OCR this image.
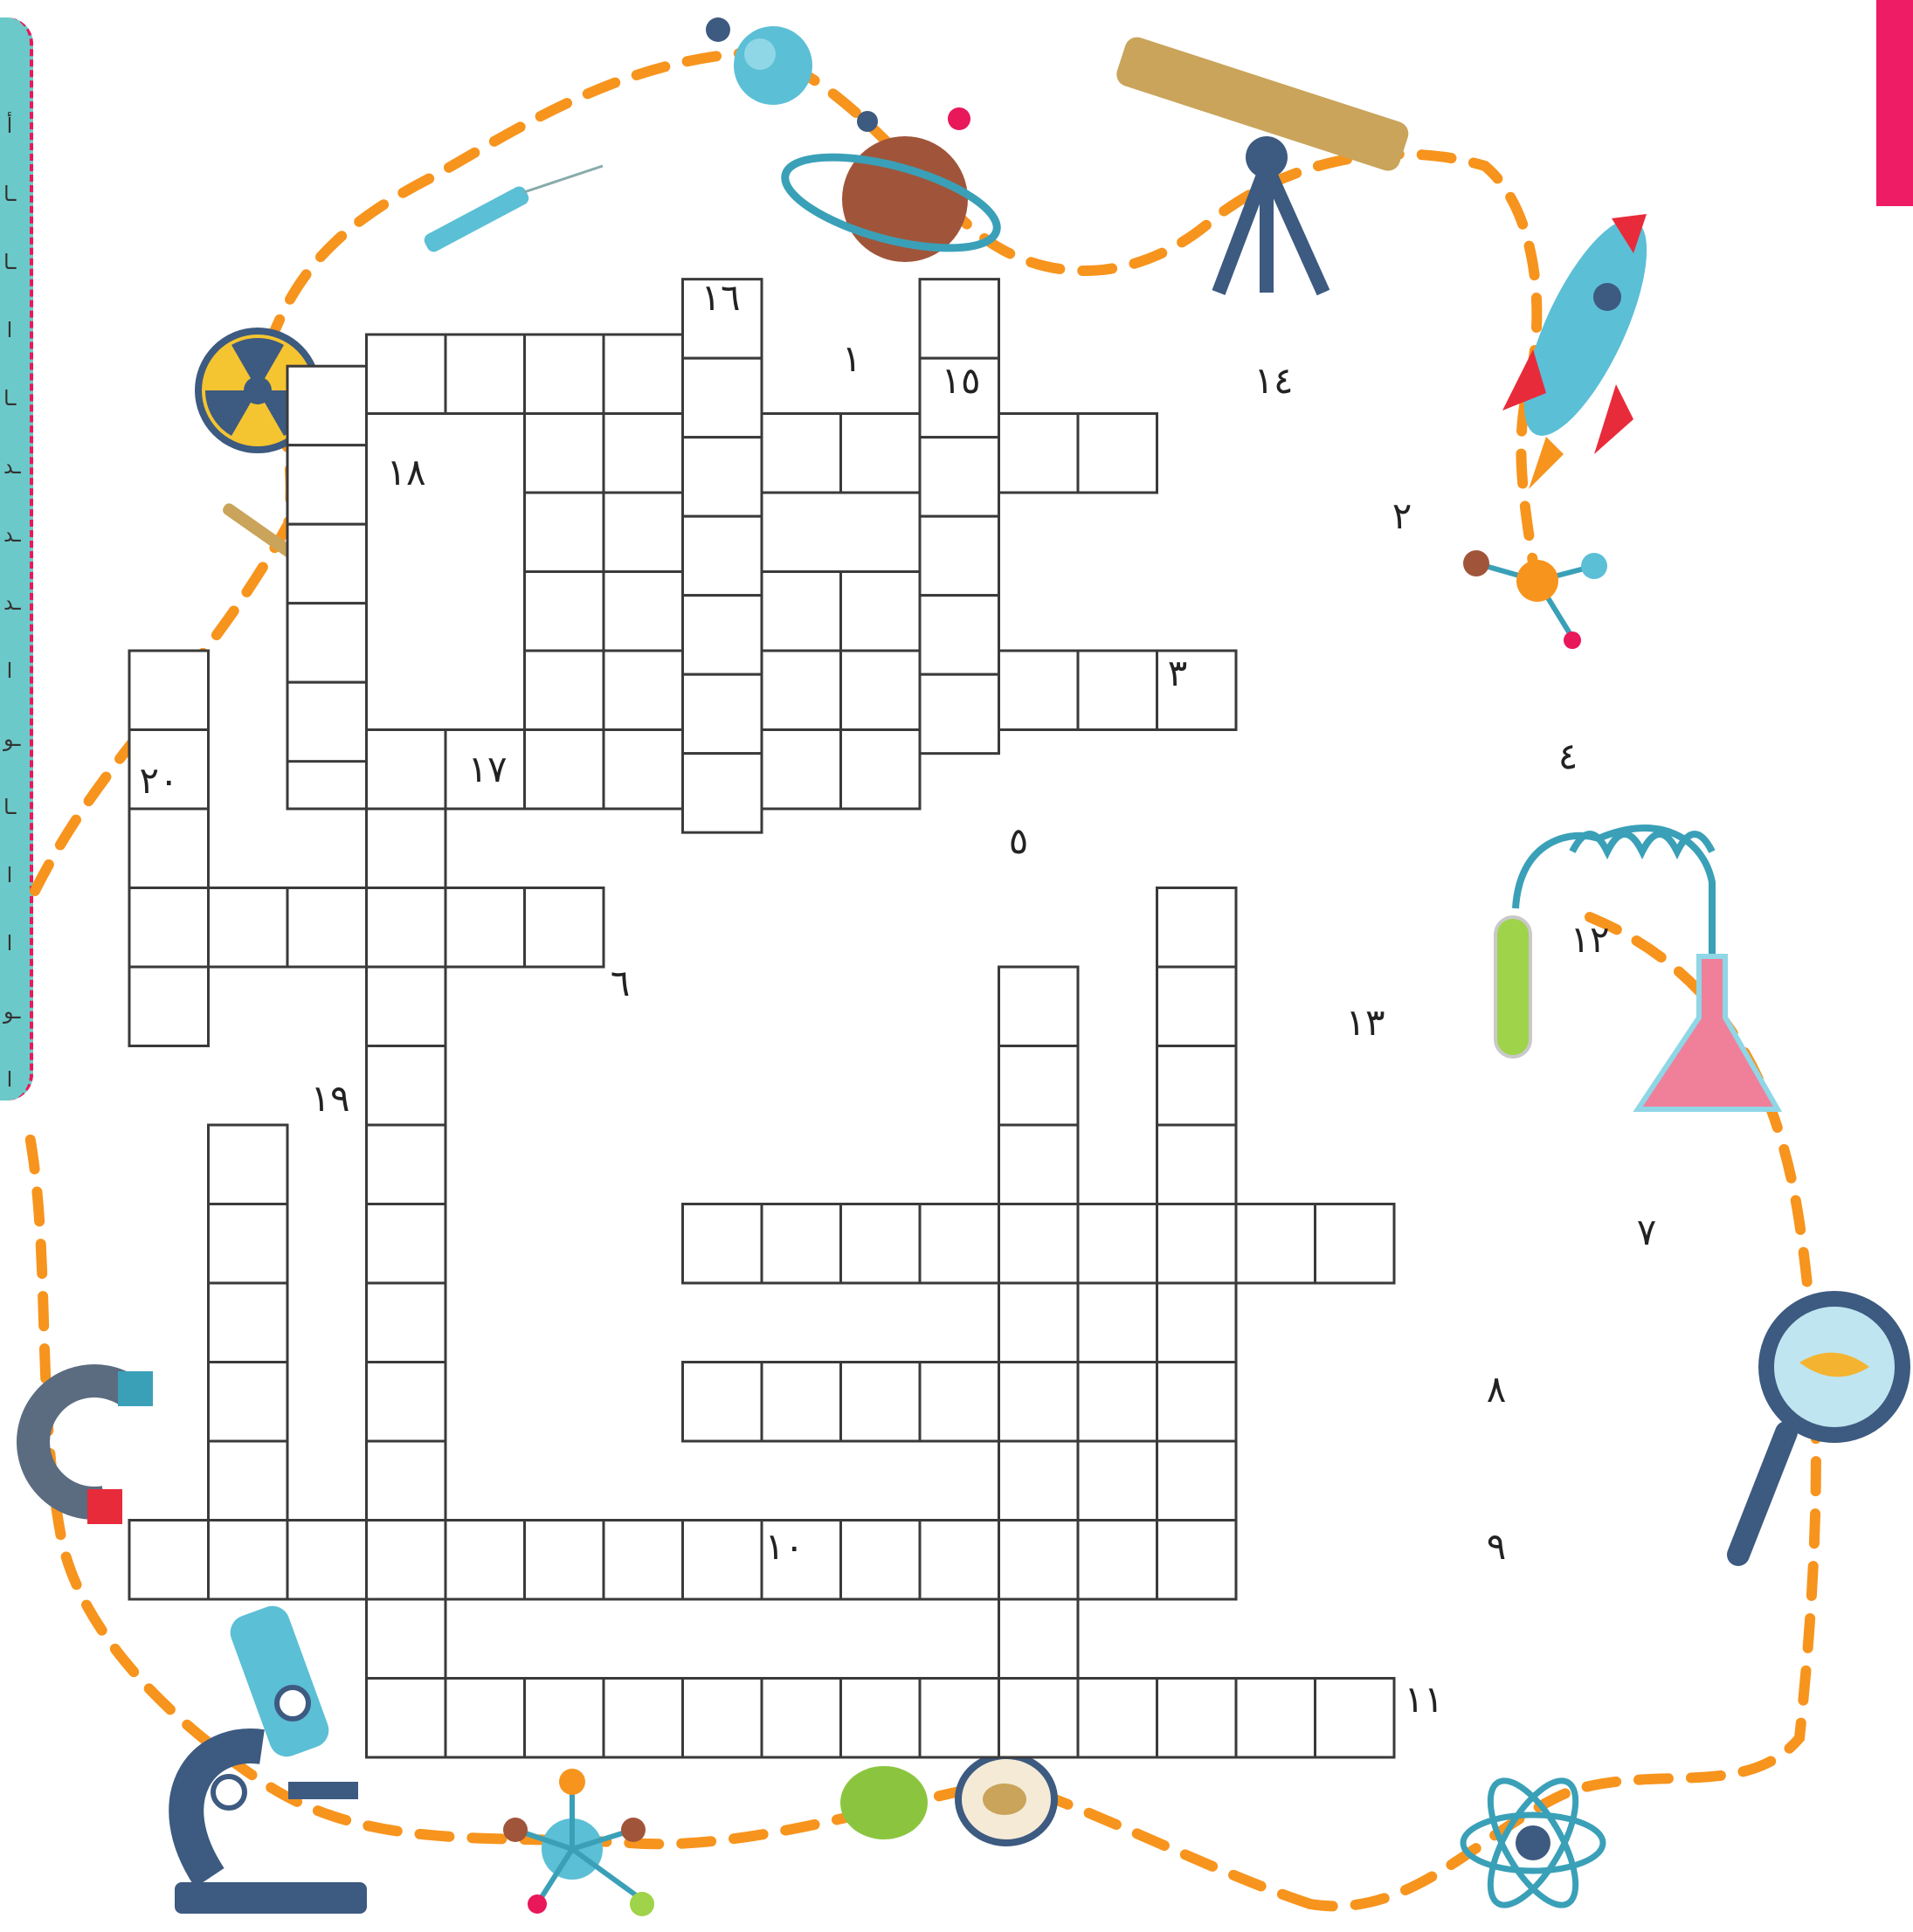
١
٢
٣
٤
٥
٦
٧
٨
٩
١٠
١١
١٢
١٣
١٤
١٥
١٦
١٧
١٨
١٩
٢٠
أ
ـا
ـا
ا
ـا
ـد
ـد
ـد
ا
ـو
ـا
ا
ا
ـو
ا
